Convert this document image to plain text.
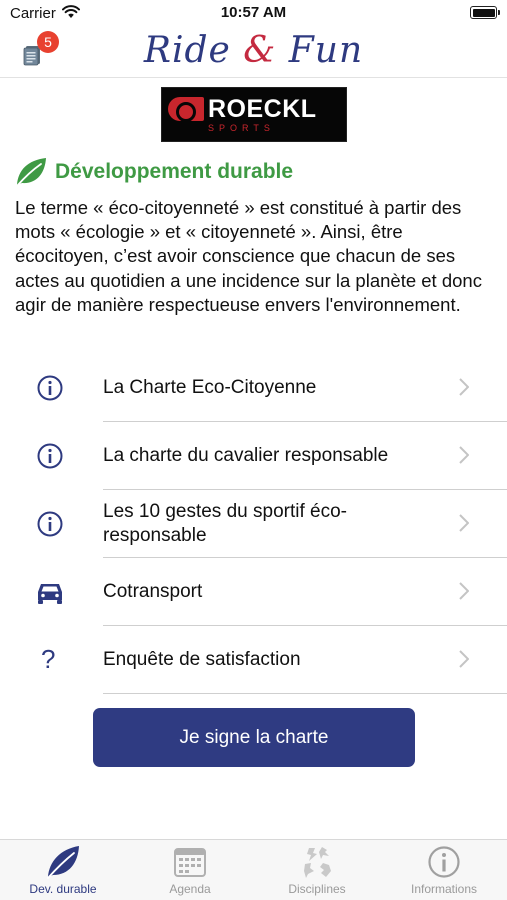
Carrier	10:57 AM
Ride & Fun
5
ROECKL
SPORTS
Développement durable

Le terme « éco-citoyenneté » est constitué à partir des mots « écologie » et « citoyenneté ». Ainsi, être écocitoyen, c’est avoir conscience que chacun de ses actes au quotidien a une incidence sur la planète et donc agir de manière respectueuse envers l'environnement.

La Charte Eco-Citoyenne
La charte du cavalier responsable
Les 10 gestes du sportif éco-responsable
Cotransport
?	Enquête de satisfaction
Je signe la charte
Dev. durable	Agenda	Disciplines	Informations
